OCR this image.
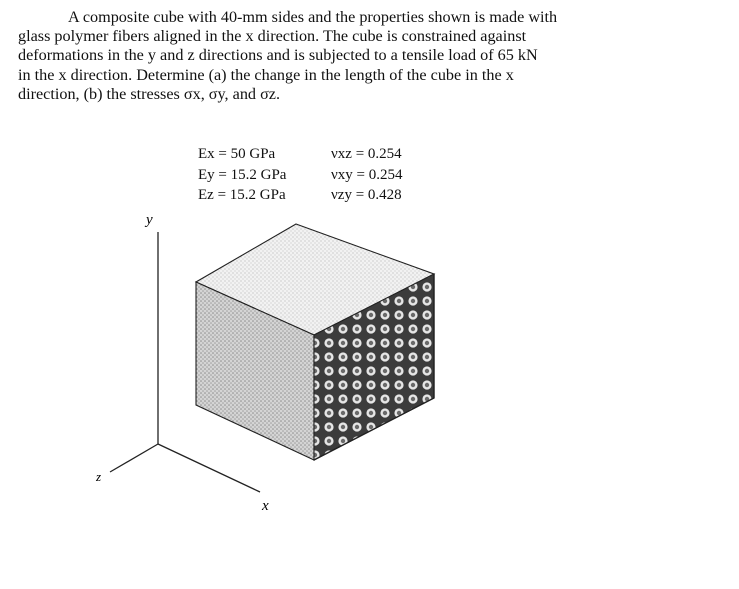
A composite cube with 40-mm sides and the properties shown is made with
glass polymer fibers aligned in the x direction. The cube is constrained against
deformations in the y and z directions and is subjected to a tensile load of 65 kN
in the x direction. Determine (a) the change in the length of the cube in the x
direction, (b) the stresses σx, σy, and σz.
Ex = 50 GPa	νxz = 0.254
Ey = 15.2 GPa	νxy = 0.254
Ez = 15.2 GPa	νzy = 0.428
y
z
x
